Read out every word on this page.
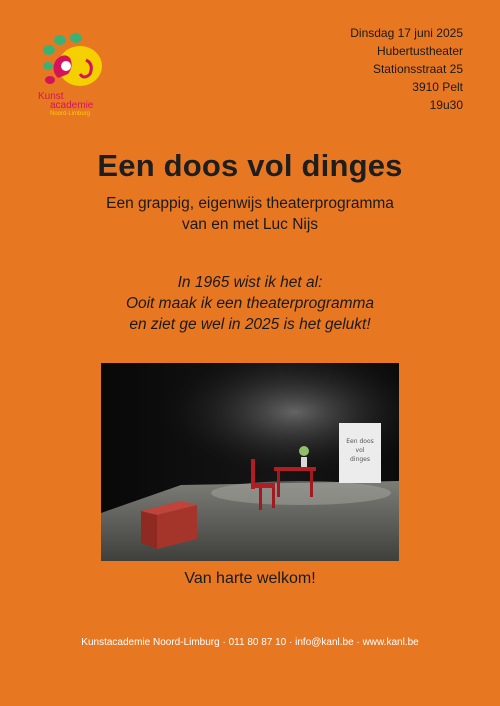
Kunst
academie
Noord-Limburg
Dinsdag 17 juni 2025
Hubertustheater
Stationsstraat 25
3910 Pelt
19u30
Een doos vol dinges
Een grappig, eigenwijs theaterprogramma
van en met Luc Nijs
In 1965 wist ik het al:
Ooit maak ik een theaterprogramma
en ziet ge wel in 2025 is het gelukt!
Een doos
vol
dinges
Van harte welkom!
Kunstacademie Noord-Limburg · 011 80 87 10 · info@kanl.be · www.kanl.be
